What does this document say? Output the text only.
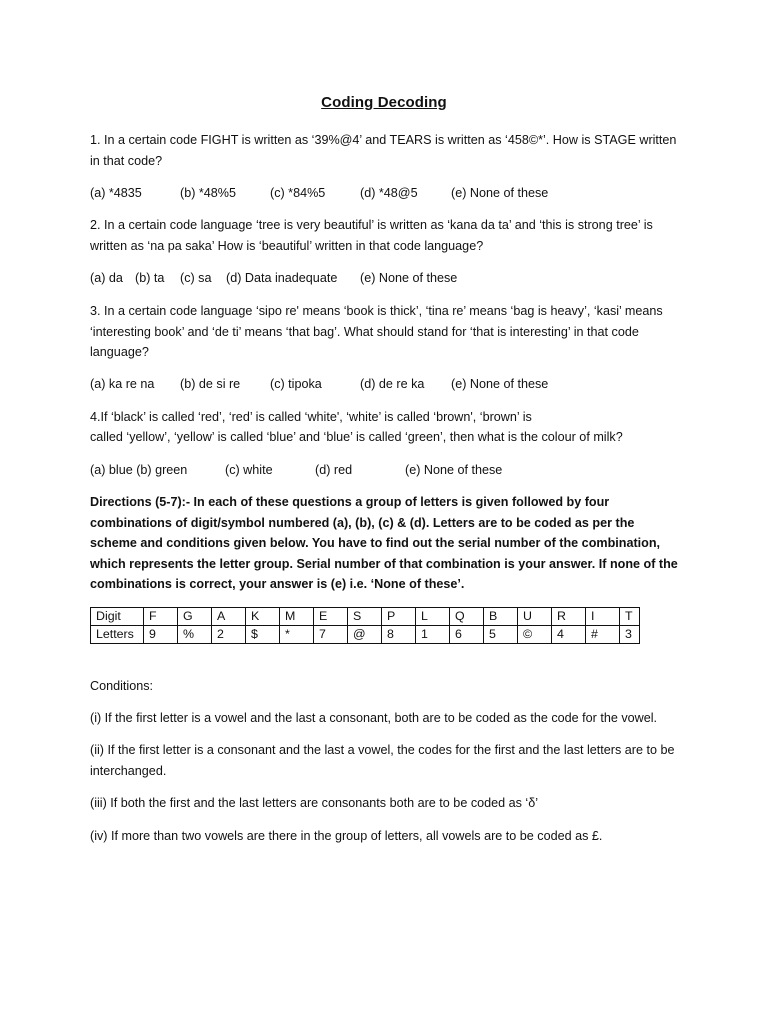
Coding Decoding

1. In a certain code FIGHT is written as ‘39%@4’ and TEARS is written as ‘458©*’. How is STAGE written in that code?

(a) *4835	(b) *48%5	(c) *84%5	(d) *48@5	(e) None of these

2. In a certain code language ‘tree is very beautiful’ is written as ‘kana da ta’ and ‘this is strong tree’ is written as ‘na pa saka’ How is ‘beautiful’ written in that code language?

(a) da (b) ta (c) sa (d) Data inadequate (e) None of these

3. In a certain code language ‘sipo re' means ‘book is thick’, ‘tina re’ means ‘bag is heavy’, ‘kasi’ means ‘interesting book’ and ‘de ti’ means ‘that bag’. What should stand for ‘that is interesting’ in that code language?

(a) ka re na (b) de si re (c) tipoka	(d) de re ka (e) None of these
4.If ‘black’ is called ‘red’, ‘red’ is called ‘white', ‘white’ is called ‘brown', ‘brown’ is
called ‘yellow’, ‘yellow’ is called ‘blue’ and ‘blue’ is called ‘green’, then what is the colour of milk?
(a) blue (b) green	(c) white	(d) red	(e) None of these

Directions (5-7):- In each of these questions a group of letters is given followed by four combinations of digit/symbol numbered (a), (b), (c) & (d). Letters are to be coded as per the scheme and conditions given below. You have to find out the serial number of the combination, which represents the letter group. Serial number of that combination is your answer. If none of the combinations is correct, your answer is (e) i.e. ‘None of these’.

Digit	F	G	A	K	M	E	S	P	L	Q	B	U	R	I	T
Letters	9	%	2	$	*	7	@	8	1	6	5	©	4	#	3
Conditions:

(i) If the first letter is a vowel and the last a consonant, both are to be coded as the code for the vowel.

(ii) If the first letter is a consonant and the last a vowel, the codes for the first and the last letters are to be interchanged.

(iii) If both the first and the last letters are consonants both are to be coded as ‘δ’

(iv) If more than two vowels are there in the group of letters, all vowels are to be coded as £.
